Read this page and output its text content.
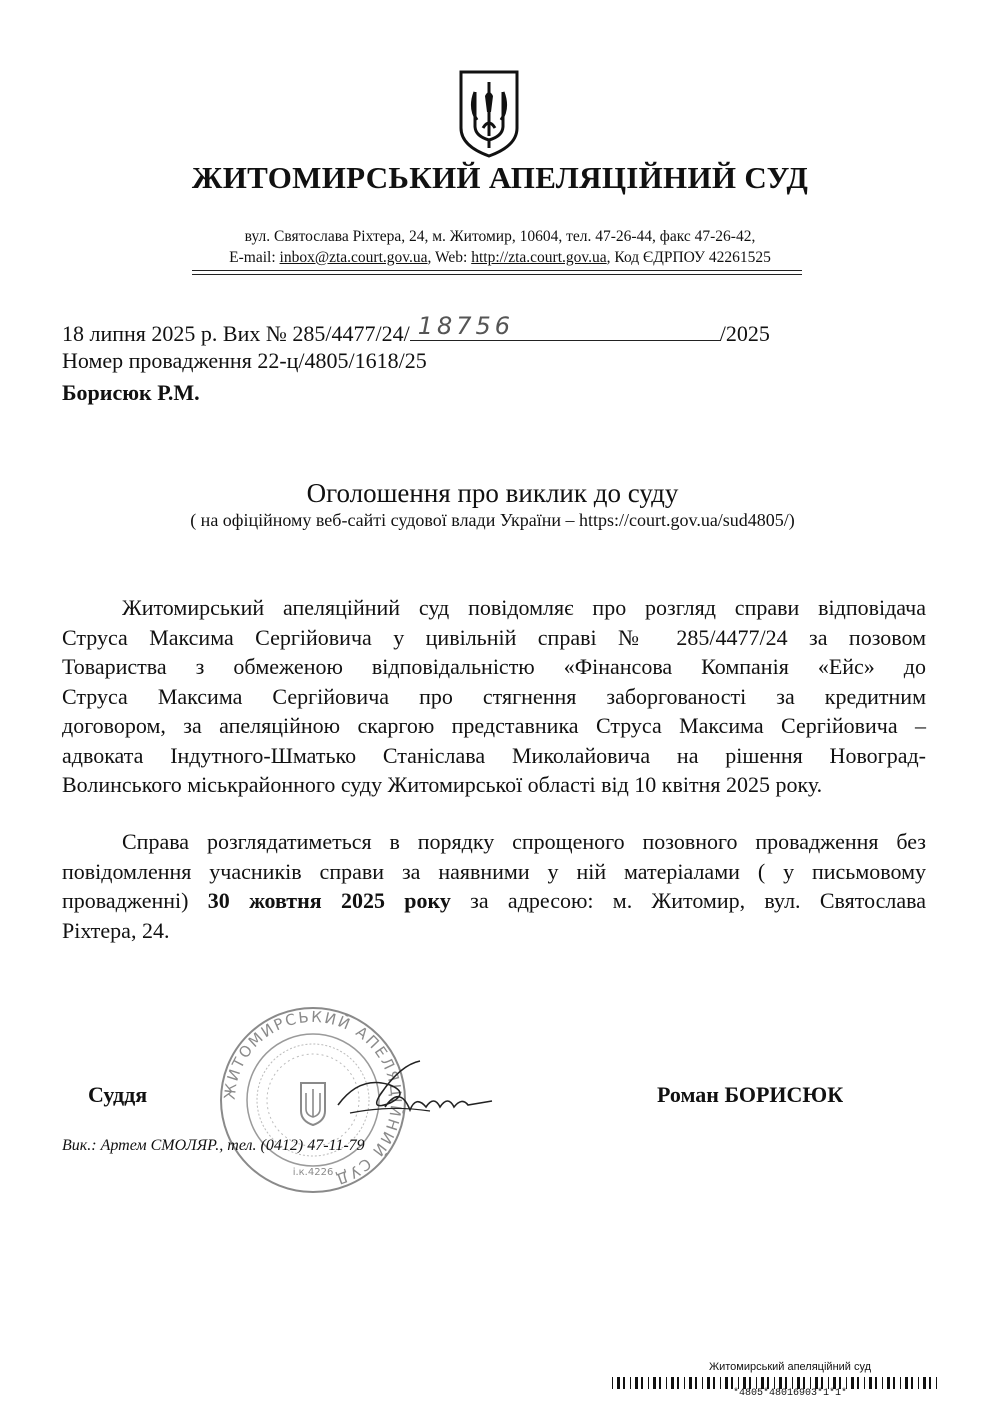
ЖИТОМИРСЬКИЙ АПЕЛЯЦІЙНИЙ СУД
вул. Святослава Ріхтера, 24, м. Житомир, 10604, тел. 47-26-44, факс 47-26-42,
E-mail: inbox@zta.court.gov.ua, Web: http://zta.court.gov.ua, Код ЄДРПОУ 42261525
18 липня 2025 р. Вих № 285/4477/24/ 18756	/2025
Номер провадження 22-ц/4805/1618/25
Борисюк Р.М.
Оголошення про виклик до суду
( на офіційному веб-сайті судової влади України – https://court.gov.ua/sud4805/)
Житомирський апеляційний суд повідомляє про розгляд справи відповідача
Струса Максима Сергійовича у цивільній справі № 285/4477/24 за позовом
Товариства з обмеженою відповідальністю «Фінансова Компанія «Ейс» до
Струса Максима Сергійовича про стягнення заборгованості за кредитним
договором, за апеляційною скаргою представника Струса Максима Сергійовича –
адвоката Індутного-Шматько Станіслава Миколайовича на рішення Новоград-
Волинського міськрайонного суду Житомирської області від 10 квітня 2025 року.
Справа розглядатиметься в порядку спрощеного позовного провадження без
повідомлення учасників справи за наявними у ній матеріалами ( у письмовому
провадженні) 30 жовтня 2025 року за адресою: м. Житомир, вул. Святослава
Ріхтера, 24.
ЖИТОМИРСЬКИЙ АПЕЛЯЦІЙНИЙ СУД
і.к.4226
Суддя	Роман БОРИСЮК
Вик.: Артем СМОЛЯР., тел. (0412) 47-11-79
Житомирський апеляційний суд
*4805*48016903*1*1*
